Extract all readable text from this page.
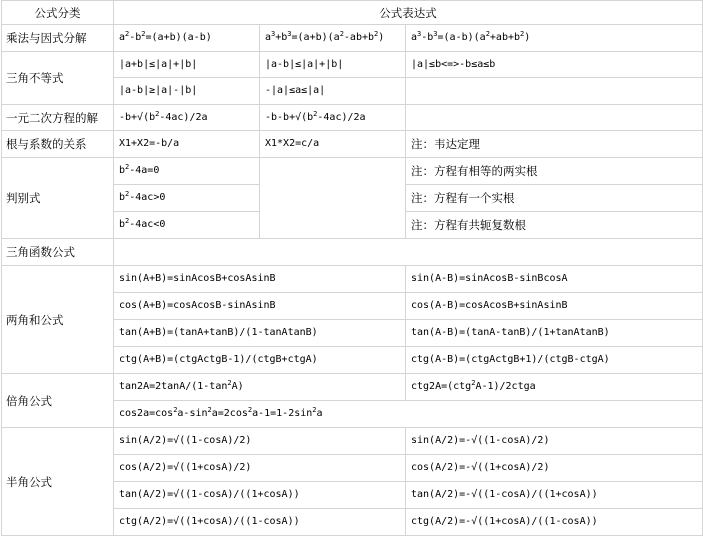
公式分类	公式表达式		
乘法与因式分解	$a^2-b^2=(a+b)(a-b)$	$a^3+b^3=(a+b)(a^2-ab+b^2)$	$a^3-b^3=(a-b)(a^2+ab+b^2)$
三角不等式	|a+b|≤|a|+|b|	|a-b|≤|a|+|b|	|a|≤b<=>-b≤a≤b
	|a-b|≥|a|-|b|	-|a|≤a≤|a|	
一元二次方程的解	$-b+√(b^2-4ac)/2a$	$-b-b+√(b^2-4ac)/2a$	
根与系数的关系	X1+X2=-b/a	X1*X2=c/a	注：韦达定理
判别式	$b^2-4a=0$		注：方程有相等的两实根
	$b^2-4ac>0$		注：方程有一个实根
	$b^2-4ac<0$		注：方程有共轭复数根
三角函数公式			
两角和公式	sin(A+B)=sinAcosB+cosAsinB		sin(A-B)=sinAcosB-sinBcosA
	cos(A+B)=cosAcosB-sinAsinB		cos(A-B)=cosAcosB+sinAsinB
	tan(A+B)=(tanA+tanB)/(1-tanAtanB)		tan(A-B)=(tanA-tanB)/(1+tanAtanB)
	ctg(A+B)=(ctgActgB-1)/(ctgB+ctgA)		ctg(A-B)=(ctgActgB+1)/(ctgB-ctgA)
倍角公式	$\tan 2A=2\tan A/(1-\tan^2A)$		ctg2A=(ctg$^2$A-1)/2ctga
	$\cos 2a=\cos^2a-\sin^2a=2\cos^2a-1=1-2\sin^2a$		
半角公式	sin(A/2)=√((1-cosA)/2)		sin(A/2)=-√((1-cosA)/2)
	cos(A/2)=√((1+cosA)/2)		cos(A/2)=-√((1+cosA)/2)
	tan(A/2)=√((1-cosA)/((1+cosA))		tan(A/2)=-√((1-cosA)/((1+cosA))
	ctg(A/2)=√((1+cosA)/((1-cosA))		ctg(A/2)=-√((1+cosA)/((1-cosA))
